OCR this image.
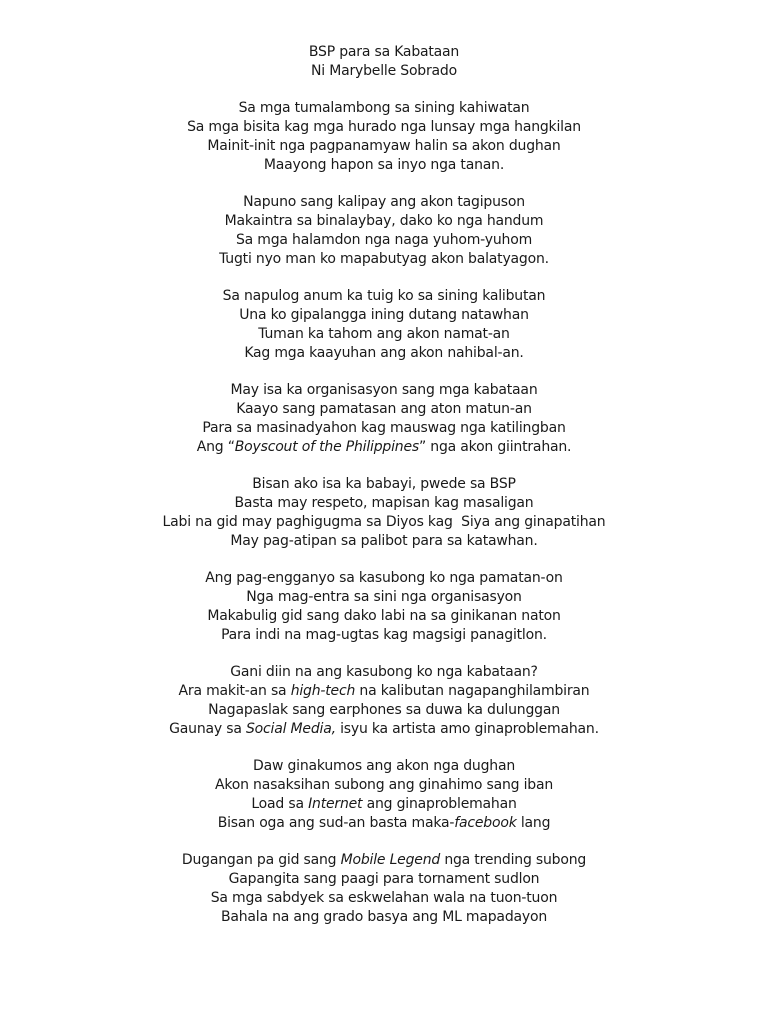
BSP para sa Kabataan
Ni Marybelle Sobrado
Sa mga tumalambong sa sining kahiwatan
Sa mga bisita kag mga hurado nga lunsay mga hangkilan
Mainit-init nga pagpanamyaw halin sa akon dughan
Maayong hapon sa inyo nga tanan.
Napuno sang kalipay ang akon tagipuson
Makaintra sa binalaybay, dako ko nga handum
Sa mga halamdon nga naga yuhom-yuhom
Tugti nyo man ko mapabutyag akon balatyagon.
Sa napulog anum ka tuig ko sa sining kalibutan
Una ko gipalangga ining dutang natawhan
Tuman ka tahom ang akon namat-an
Kag mga kaayuhan ang akon nahibal-an.
May isa ka organisasyon sang mga kabataan
Kaayo sang pamatasan ang aton matun-an
Para sa masinadyahon kag mauswag nga katilingban
Ang “Boyscout of the Philippines” nga akon giintrahan.
Bisan ako isa ka babayi, pwede sa BSP
Basta may respeto, mapisan kag masaligan
Labi na gid may paghigugma sa Diyos kag  Siya ang ginapatihan
May pag-atipan sa palibot para sa katawhan.
Ang pag-engganyo sa kasubong ko nga pamatan-on
Nga mag-entra sa sini nga organisasyon
Makabulig gid sang dako labi na sa ginikanan naton
Para indi na mag-ugtas kag magsigi panagitlon.
Gani diin na ang kasubong ko nga kabataan?
Ara makit-an sa high-tech na kalibutan nagapanghilambiran
Nagapaslak sang earphones sa duwa ka dulunggan
Gaunay sa Social Media, isyu ka artista amo ginaproblemahan.
Daw ginakumos ang akon nga dughan
Akon nasaksihan subong ang ginahimo sang iban
Load sa Internet ang ginaproblemahan
Bisan oga ang sud-an basta maka-facebook lang
Dugangan pa gid sang Mobile Legend nga trending subong
Gapangita sang paagi para tornament sudlon
Sa mga sabdyek sa eskwelahan wala na tuon-tuon
Bahala na ang grado basya ang ML mapadayon
